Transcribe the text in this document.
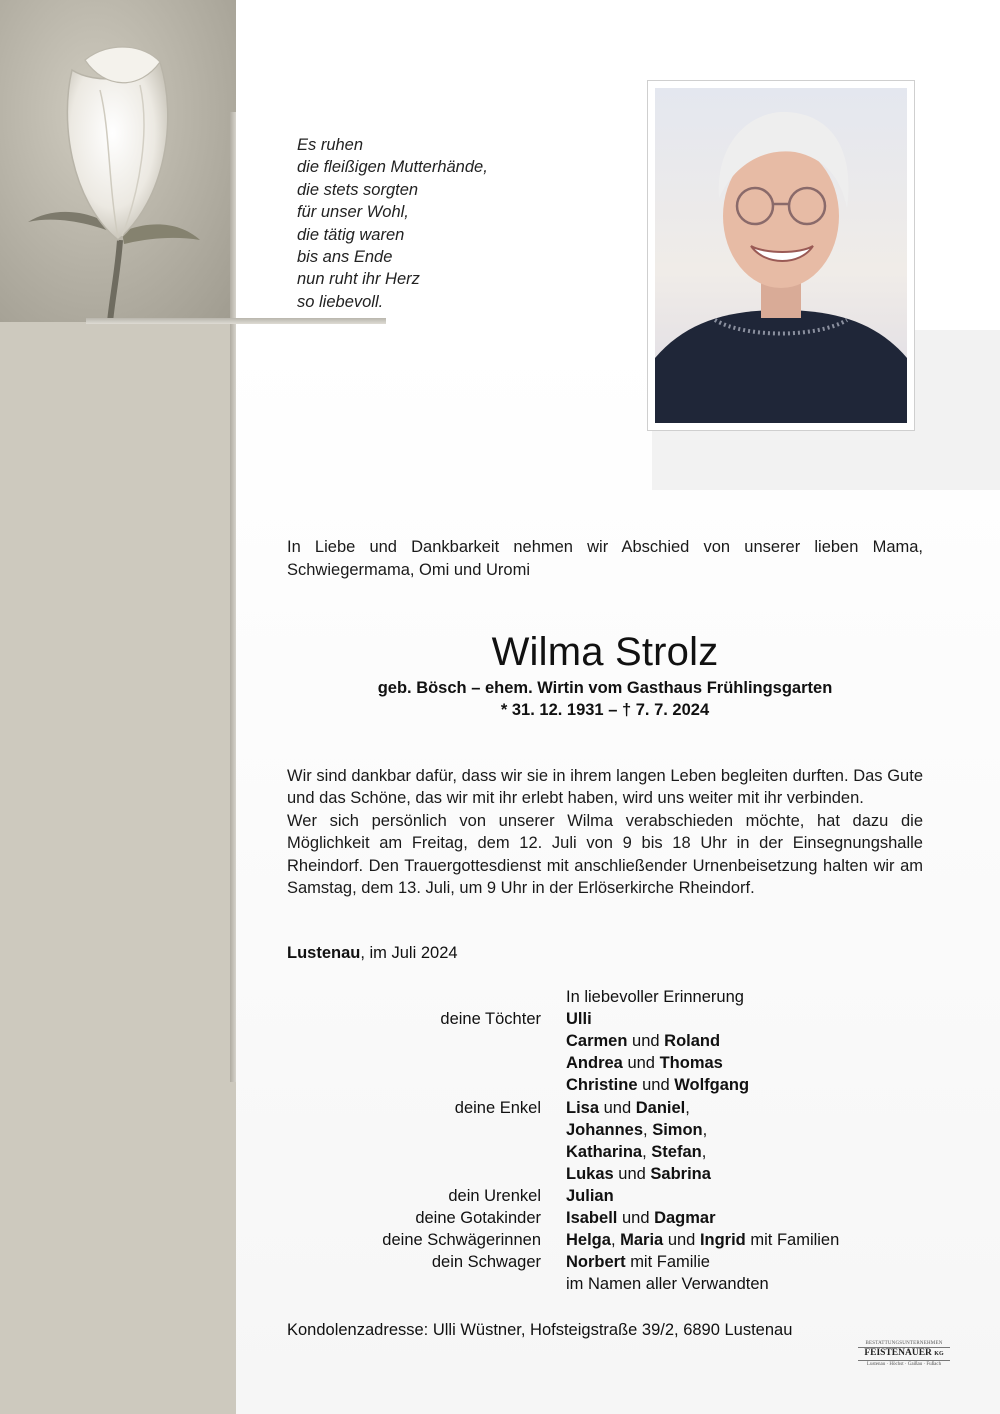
Es ruhen
die fleißigen Mutterhände,
die stets sorgten
für unser Wohl,
die tätig waren
bis ans Ende
nun ruht ihr Herz
so liebevoll.
In Liebe und Dankbarkeit nehmen wir Abschied von unserer lieben Mama, Schwiegermama, Omi und Uromi
Wilma Strolz
geb. Bösch – ehem. Wirtin vom Gasthaus Frühlingsgarten
* 31. 12. 1931 – † 7. 7. 2024

Wir sind dankbar dafür, dass wir sie in ihrem langen Leben begleiten durften. Das Gute und das Schöne, das wir mit ihr erlebt haben, wird uns weiter mit ihr verbinden.

Wer sich persönlich von unserer Wilma verabschieden möchte, hat dazu die Möglichkeit am Freitag, dem 12. Juli von 9 bis 18 Uhr in der Einsegnungshalle Rheindorf. Den Trauergottesdienst mit anschließender Urnenbeisetzung halten wir am Samstag, dem 13. Juli, um 9 Uhr in der Erlöserkirche Rheindorf.

Lustenau, im Juli 2024
In liebevoller Erinnerung
deine Töchter
deine Enkel
dein Urenkel
deine Gotakinder
deine Schwägerinnen
dein Schwager
Ulli
Carmen und Roland
Andrea und Thomas
Christine und Wolfgang
Lisa und Daniel,
Johannes, Simon,
Katharina, Stefan,
Lukas und Sabrina
Julian
Isabell und Dagmar
Helga, Maria und Ingrid mit Familien
Norbert mit Familie
im Namen aller Verwandten
Kondolenzadresse: Ulli Wüstner, Hofsteigstraße 39/2, 6890 Lustenau
BESTATTUNGSUNTERNEHMEN
FEISTENAUER KG
Lustenau · Höchst · Gaißau · Fußach
